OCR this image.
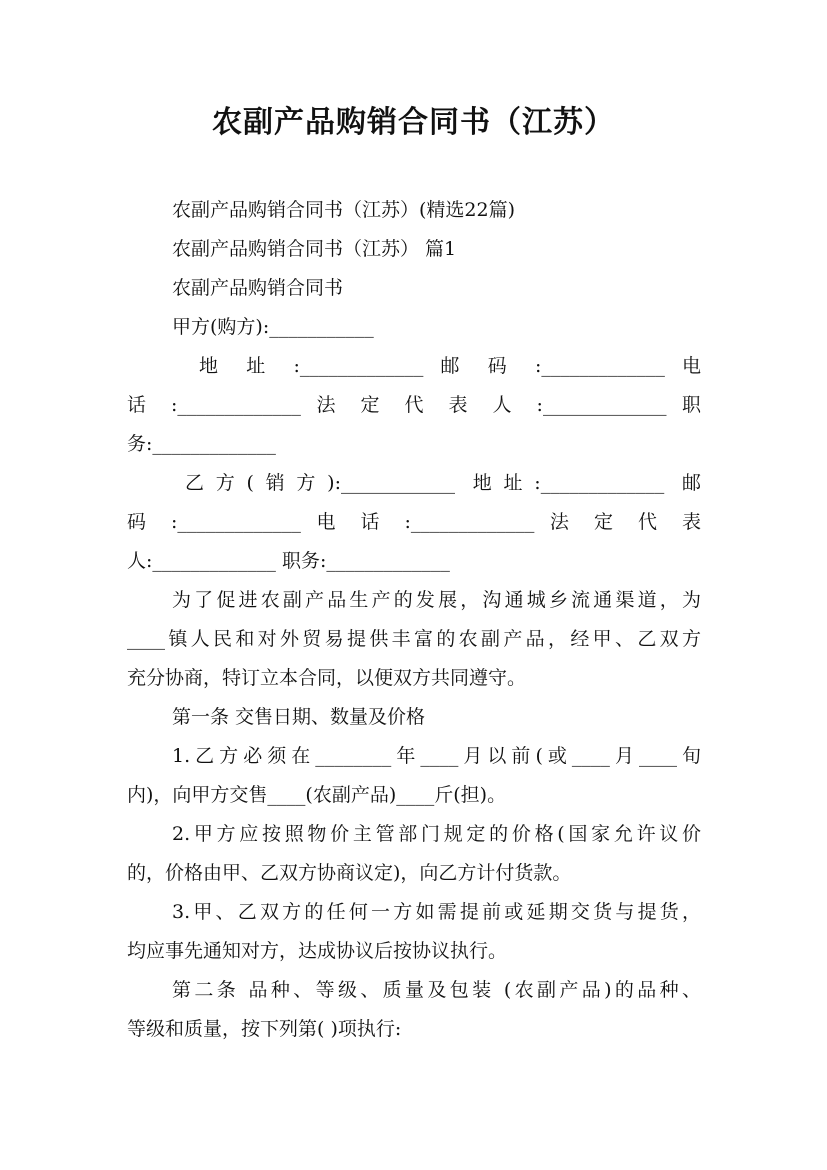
农副产品购销合同书（江苏）
农副产品购销合同书（江苏）(精选22篇)
农副产品购销合同书（江苏） 篇1
农副产品购销合同书
甲方(购方):___________
地 址 :_____________ 邮 码 :_____________ 电
话 :_____________ 法 定 代 表 人 :_____________ 职
务:_____________
乙方(销方):____________ 地址:_____________ 邮
码 :_____________ 电 话 :_____________ 法 定 代 表
人:_____________ 职务:_____________
为了促进农副产品生产的发展，沟通城乡流通渠道，为
____镇人民和对外贸易提供丰富的农副产品，经甲、乙双方
充分协商，特订立本合同，以便双方共同遵守。
第一条 交售日期、数量及价格
1.乙方必须在________年____月以前(或____月____旬
内)，向甲方交售____(农副产品)____斤(担)。
2.甲方应按照物价主管部门规定的价格(国家允许议价
的，价格由甲、乙双方协商议定)，向乙方计付货款。
3.甲、乙双方的任何一方如需提前或延期交货与提货，
均应事先通知对方，达成协议后按协议执行。
第二条 品种、等级、质量及包装 (农副产品)的品种、
等级和质量，按下列第( )项执行:
